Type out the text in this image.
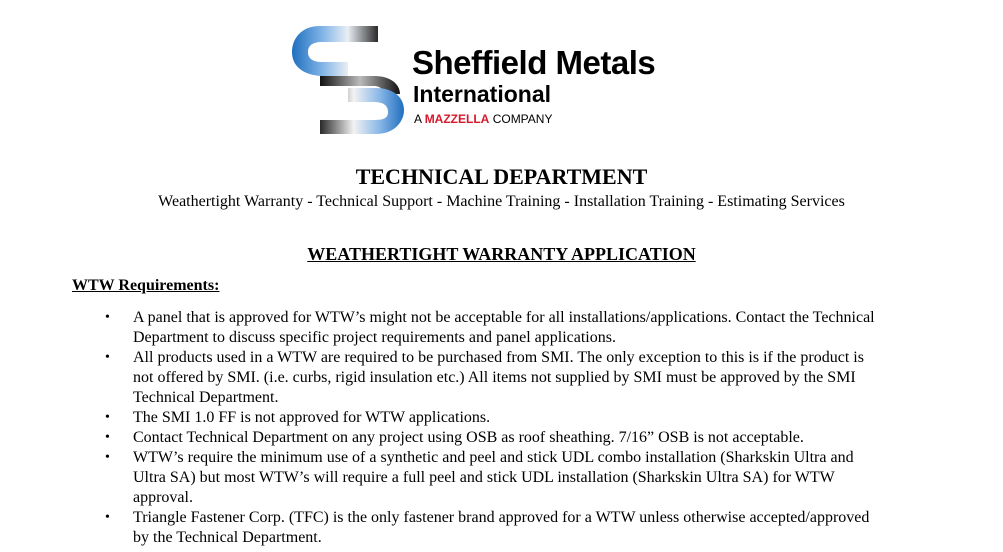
Sheffield Metals
International
A MAZZELLA COMPANY
TECHNICAL DEPARTMENT
Weathertight Warranty - Technical Support - Machine Training - Installation Training - Estimating Services
WEATHERTIGHT WARRANTY APPLICATION
WTW Requirements:
• A panel that is approved for WTW’s might not be acceptable for all installations/applications. Contact the Technical
Department to discuss specific project requirements and panel applications.
• All products used in a WTW are required to be purchased from SMI. The only exception to this is if the product is
not offered by SMI. (i.e. curbs, rigid insulation etc.) All items not supplied by SMI must be approved by the SMI
Technical Department.
• The SMI 1.0 FF is not approved for WTW applications.
• Contact Technical Department on any project using OSB as roof sheathing. 7/16” OSB is not acceptable.
• WTW’s require the minimum use of a synthetic and peel and stick UDL combo installation (Sharkskin Ultra and
Ultra SA) but most WTW’s will require a full peel and stick UDL installation (Sharkskin Ultra SA) for WTW
approval.
• Triangle Fastener Corp. (TFC) is the only fastener brand approved for a WTW unless otherwise accepted/approved
by the Technical Department.
